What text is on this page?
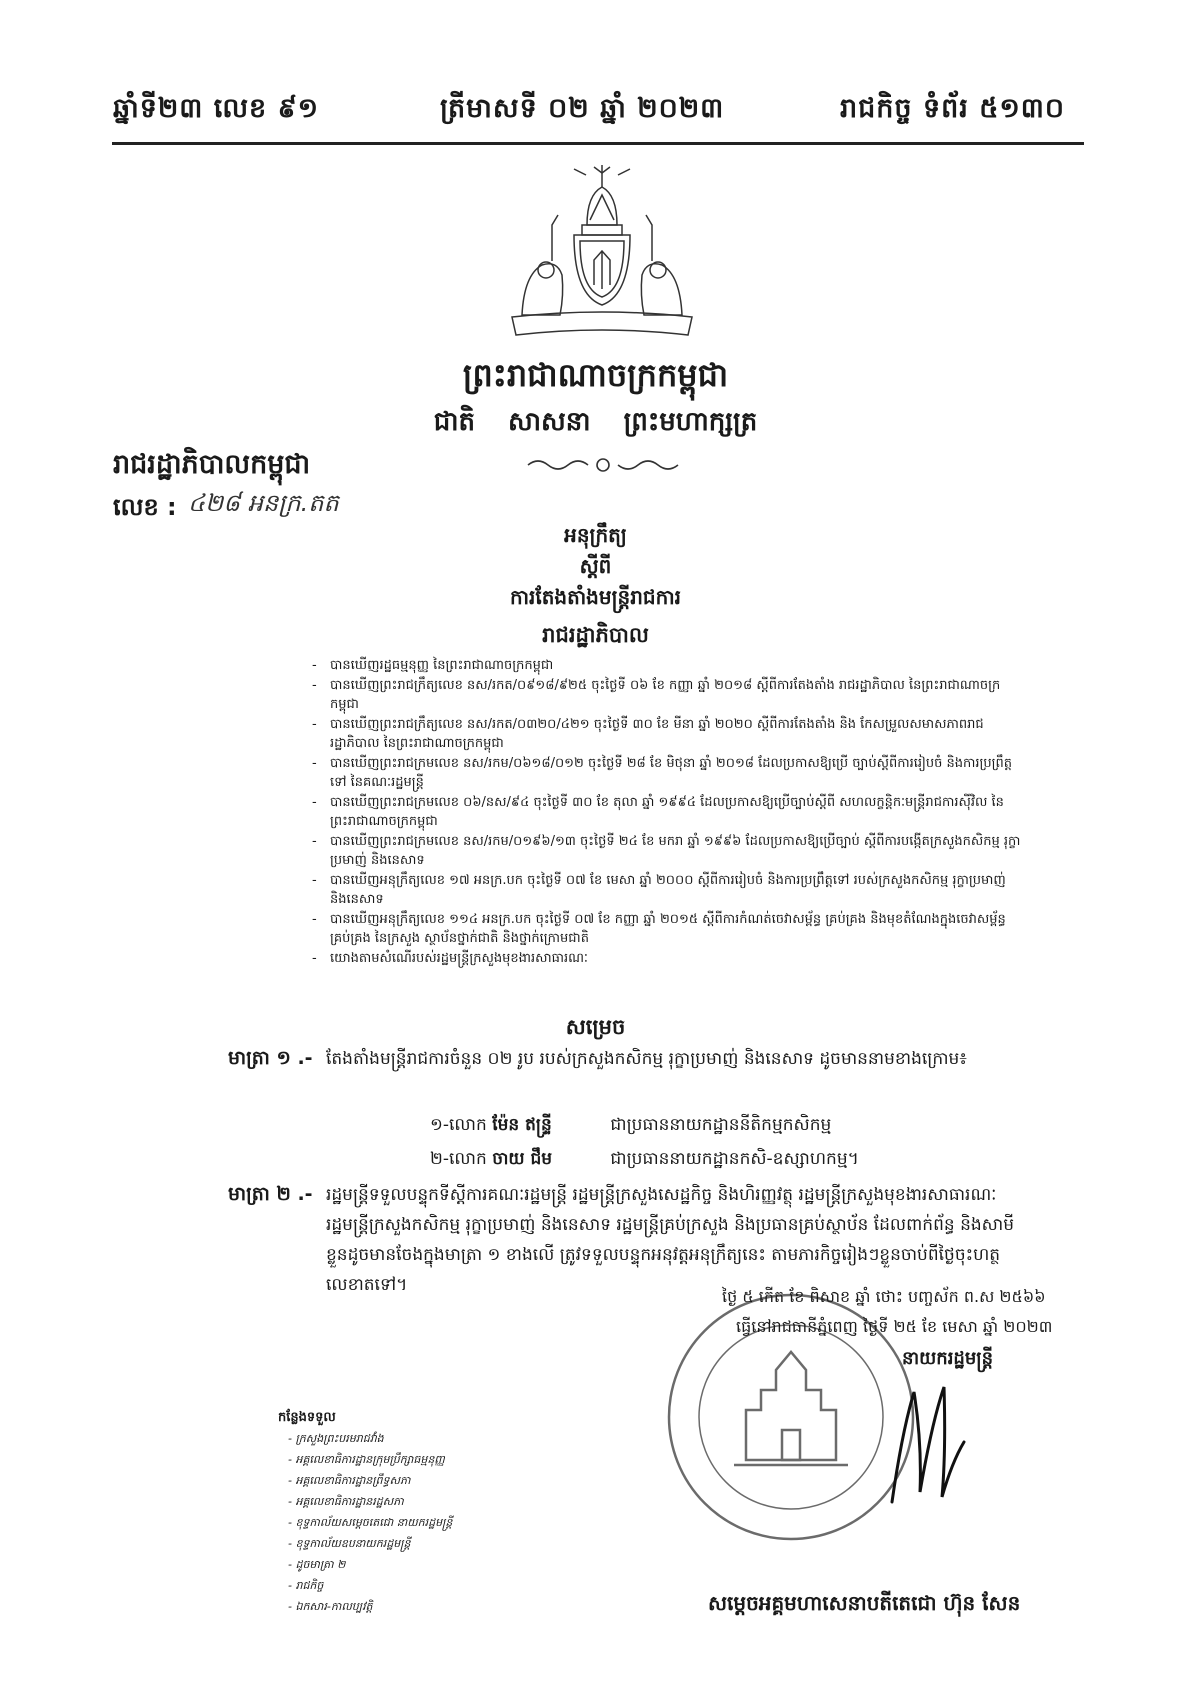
ឆ្នាំទី២៣ លេខ ៩១	ត្រីមាសទី ០២ ឆ្នាំ ២០២៣	រាជកិច្ច ទំព័រ ៥១៣០
ព្រះរាជាណាចក្រកម្ពុជា
ជាតិ សាសនា ព្រះមហាក្សត្រ
រាជរដ្ឋាភិបាលកម្ពុជា
លេខ : ៤២៨ អនក្រ.តត
អនុក្រឹត្យ
ស្តីពី
ការតែងតាំងមន្ត្រីរាជការ
រាជរដ្ឋាភិបាល
- បានឃើញរដ្ឋធម្មនុញ្ញ នៃព្រះរាជាណាចក្រកម្ពុជា
- បានឃើញព្រះរាជក្រឹត្យលេខ នស/រកត/០៩១៨/៩២៥ ចុះថ្ងៃទី ០៦ ខែ កញ្ញា ឆ្នាំ ២០១៨ ស្តីពីការតែងតាំង រាជរដ្ឋាភិបាល នៃព្រះរាជាណាចក្រកម្ពុជា
- បានឃើញព្រះរាជក្រឹត្យលេខ នស/រកត/០៣២០/៤២១ ចុះថ្ងៃទី ៣០ ខែ មីនា ឆ្នាំ ២០២០ ស្តីពីការតែងតាំង និង កែសម្រួលសមាសភាពរាជរដ្ឋាភិបាល នៃព្រះរាជាណាចក្រកម្ពុជា
- បានឃើញព្រះរាជក្រមលេខ នស/រកម/០៦១៨/០១២ ចុះថ្ងៃទី ២៨ ខែ មិថុនា ឆ្នាំ ២០១៨ ដែលប្រកាសឱ្យប្រើ ច្បាប់ស្តីពីការរៀបចំ និងការប្រព្រឹត្តទៅ នៃគណៈរដ្ឋមន្ត្រី
- បានឃើញព្រះរាជក្រមលេខ ០៦/នស/៩៤ ចុះថ្ងៃទី ៣០ ខែ តុលា ឆ្នាំ ១៩៩៤ ដែលប្រកាសឱ្យប្រើច្បាប់ស្តីពី សហលក្ខន្តិកៈមន្ត្រីរាជការស៊ីវិល នៃព្រះរាជាណាចក្រកម្ពុជា
- បានឃើញព្រះរាជក្រមលេខ នស/រកម/០១៩៦/១៣ ចុះថ្ងៃទី ២៤ ខែ មករា ឆ្នាំ ១៩៩៦ ដែលប្រកាសឱ្យប្រើច្បាប់ ស្តីពីការបង្កើតក្រសួងកសិកម្ម រុក្ខាប្រមាញ់ និងនេសាទ
- បានឃើញអនុក្រឹត្យលេខ ១៧ អនក្រ.បក ចុះថ្ងៃទី ០៧ ខែ មេសា ឆ្នាំ ២០០០ ស្តីពីការរៀបចំ និងការប្រព្រឹត្តទៅ របស់ក្រសួងកសិកម្ម រុក្ខាប្រមាញ់ និងនេសាទ
- បានឃើញអនុក្រឹត្យលេខ ១១៤ អនក្រ.បក ចុះថ្ងៃទី ០៧ ខែ កញ្ញា ឆ្នាំ ២០១៥ ស្តីពីការកំណត់ចេវាសម្ព័ន្ធ គ្រប់គ្រង និងមុខតំណែងក្នុងចេវាសម្ព័ន្ធគ្រប់គ្រង នៃក្រសួង ស្ថាប័នថ្នាក់ជាតិ និងថ្នាក់ក្រោមជាតិ
- យោងតាមសំណើរបស់រដ្ឋមន្ត្រីក្រសួងមុខងារសាធារណៈ
សម្រេច
មាត្រា ១ .- តែងតាំងមន្ត្រីរាជការចំនួន ០២ រូប របស់ក្រសួងកសិកម្ម រុក្ខាប្រមាញ់ និងនេសាទ ដូចមាននាមខាងក្រោម៖
១-លោក ម៉ែន ឥន្ទ្រី	ជាប្រធាននាយកដ្ឋាននីតិកម្មកសិកម្ម
២-លោក ចាយ ជឹម	ជាប្រធាននាយកដ្ឋានកសិ-ឧស្សាហកម្ម។
មាត្រា ២ .- រដ្ឋមន្ត្រីទទួលបន្ទុកទីស្តីការគណៈរដ្ឋមន្ត្រី រដ្ឋមន្ត្រីក្រសួងសេដ្ឋកិច្ច និងហិរញ្ញវត្ថុ រដ្ឋមន្ត្រីក្រសួងមុខងារសាធារណៈ រដ្ឋមន្ត្រីក្រសួងកសិកម្ម រុក្ខាប្រមាញ់ និងនេសាទ រដ្ឋមន្ត្រីគ្រប់ក្រសួង និងប្រធានគ្រប់ស្ថាប័ន ដែលពាក់ព័ន្ធ និងសាមីខ្លួនដូចមានចែងក្នុងមាត្រា ១ ខាងលើ ត្រូវទទួលបន្ទុកអនុវត្តអនុក្រឹត្យនេះ តាមភារកិច្ចរៀងៗខ្លួនចាប់ពីថ្ងៃចុះហត្ថលេខាតទៅ។
ថ្ងៃ ៥ កើត ខែ ពិសាខ ឆ្នាំ ថោះ បញ្ចស័ក ព.ស ២៥៦៦
ធ្វើនៅរាជធានីភ្នំពេញ ថ្ងៃទី ២៥ ខែ មេសា ឆ្នាំ ២០២៣
នាយករដ្ឋមន្ត្រី
កន្លែងទទួល
- ក្រសួងព្រះបរមរាជវាំង
- អគ្គលេខាធិការដ្ឋានក្រុមប្រឹក្សាធម្មនុញ្ញ
- អគ្គលេខាធិការដ្ឋានព្រឹទ្ធសភា
- អគ្គលេខាធិការដ្ឋានរដ្ឋសភា
- ខុទ្ទកាល័យសម្តេចតេជោ នាយករដ្ឋមន្ត្រី
- ខុទ្ទកាល័យឧបនាយករដ្ឋមន្ត្រី
- ដូចមាត្រា ២
- រាជកិច្ច
- ឯកសារ-កាលប្បវត្តិ	សម្តេចអគ្គមហាសេនាបតីតេជោ ហ៊ុន សែន
